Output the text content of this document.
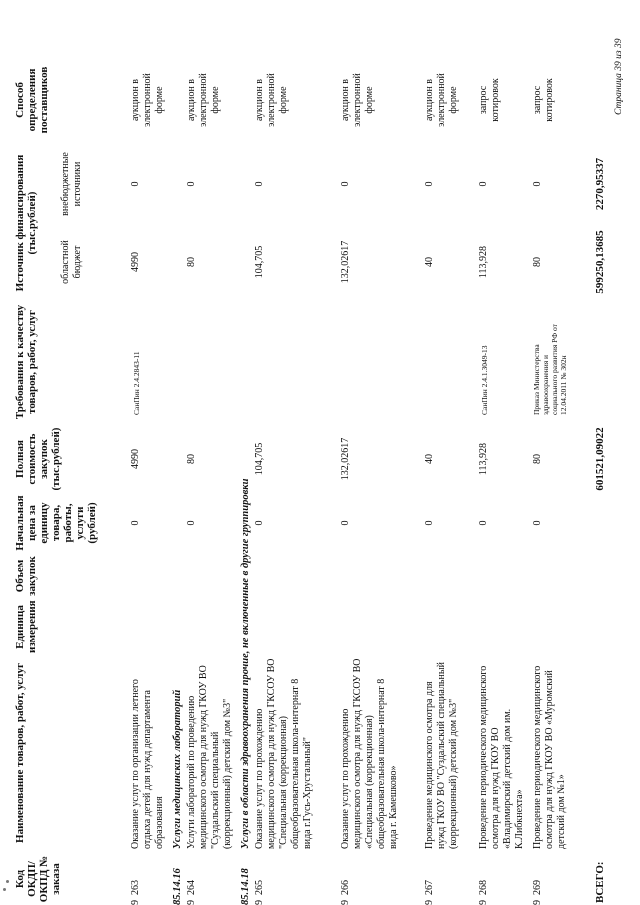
Код ОКДП/ ОКПД № заказа
Наименование товаров, работ, услуг
Единица измерения
Объем закупок
Начальная цена за единицу товара, работы, услуги (рублей)
Полная стоимость закупок (тыс.рублей)
Требования к качеству товаров, работ, услуг
Источник финансирования (тыс.рублей)
областной бюджет
внебюджетные источники
Способ определения поставщиков
9  263
Оказание услуг по организации летнего отдыха детей для нужд департамента образования
0
4990
СанПин 2.4.2843-11
4990
0
аукцион в электронной форме
85.14.16
Услуги медицинских лабораторий
9  264
Услуги лабораторий по проведению медицинского осмотра для нужд ГКОУ ВО "Суздальский специальный (коррекционный) детский дом №3"
0
80
80
0
аукцион в электронной форме
85.14.18
Услуги в области здравоохранения прочие, не включенные в другие группировки
9  265
Оказание услуг по прохождению медицинского осмотра для нужд ГКСОУ ВО "Специальная (коррекционная) общеобразовательная школа-интернат 8 вида г.Гусь-Хрустальный"
0
104,705
104,705
0
аукцион в электронной форме
9  266
Оказание услуг по прохождению медицинского осмотра для нужд ГКСОУ ВО «Специальная (коррекционная) общеобразовательная школа-интернат 8 вида г. Камешково»
0
132,02617
132,02617
0
аукцион в электронной форме
9  267
Проведение медицинского осмотра для нужд ГКОУ ВО "Суздальский специальный (коррекционный) детский дом №3"
0
40
40
0
аукцион в электронной форме
9  268
Проведение периодического медицинского осмотра для нужд ГКОУ ВО «Владимирский детский дом им. К.Либкнехта»
0
113,928
СанПин 2.4.1.3049-13
113,928
0
запрос котировок
9  269
Проведение периодического медицинского осмотра для нужд ГКОУ ВО «Муромский детский дом №1»
0
80
Приказ Министерства здравоохранения и социального развития РФ от 12.04.2011 № 302н
80
0
запрос котировок
ВСЕГО:
601521,09022
599250,13685
2270,95337
Страница 39 из 39
